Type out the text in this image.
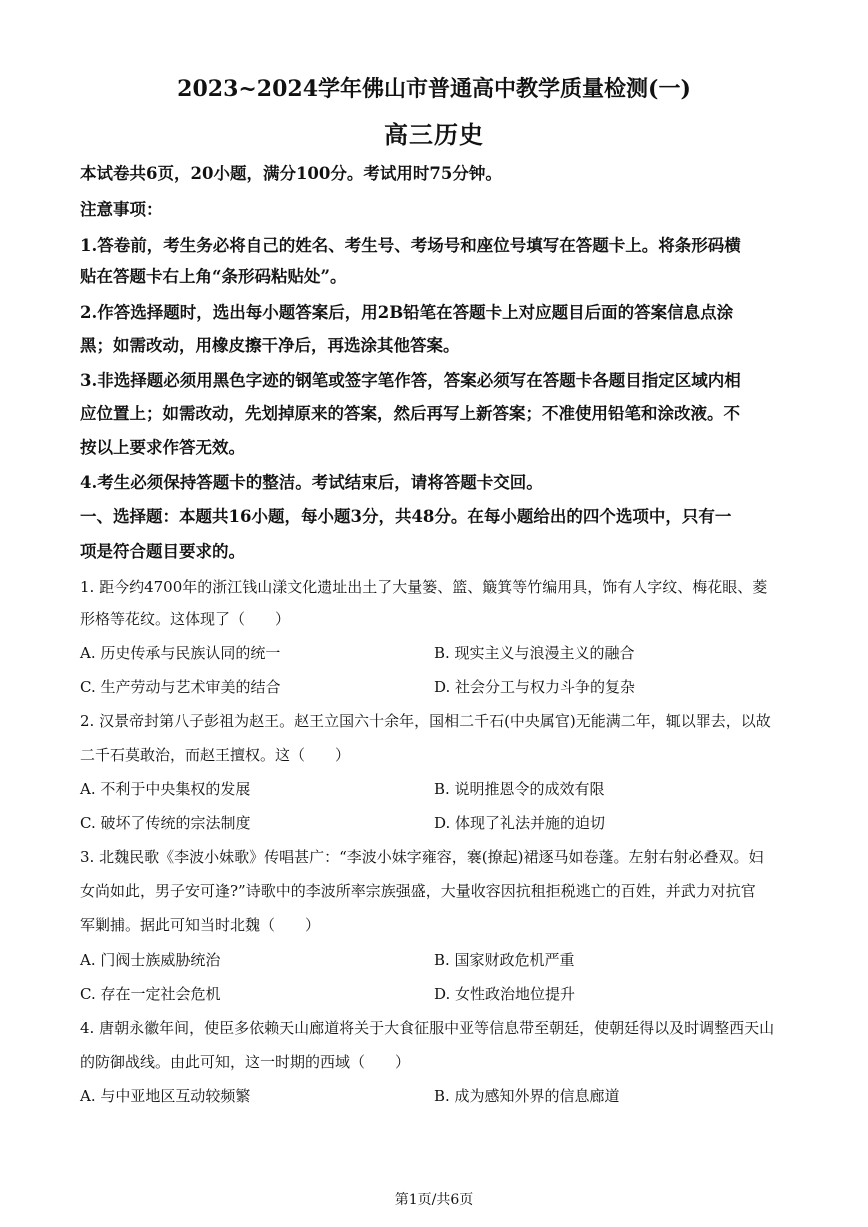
2023~2024学年佛山市普通高中教学质量检测(一)
高三历史
本试卷共6页，20小题，满分100分。考试用时75分钟。
注意事项：
1.答卷前，考生务必将自己的姓名、考生号、考场号和座位号填写在答题卡上。将条形码横
贴在答题卡右上角“条形码粘贴处”。
2.作答选择题时，选出每小题答案后，用2B铅笔在答题卡上对应题目后面的答案信息点涂
黑；如需改动，用橡皮擦干净后，再选涂其他答案。
3.非选择题必须用黑色字迹的钢笔或签字笔作答，答案必须写在答题卡各题目指定区域内相
应位置上；如需改动，先划掉原来的答案，然后再写上新答案；不准使用铅笔和涂改液。不
按以上要求作答无效。
4.考生必须保持答题卡的整洁。考试结束后，请将答题卡交回。
一、选择题：本题共16小题，每小题3分，共48分。在每小题给出的四个选项中，只有一
项是符合题目要求的。
1. 距今约4700年的浙江钱山漾文化遗址出土了大量篓、篮、簸箕等竹编用具，饰有人字纹、梅花眼、菱
形格等花纹。这体现了（　　）
A. 历史传承与民族认同的统一	B. 现实主义与浪漫主义的融合
C. 生产劳动与艺术审美的结合	D. 社会分工与权力斗争的复杂
2. 汉景帝封第八子彭祖为赵王。赵王立国六十余年，国相二千石(中央属官)无能满二年，辄以罪去，以故
二千石莫敢治，而赵王擅权。这（　　）
A. 不利于中央集权的发展	B. 说明推恩令的成效有限
C. 破坏了传统的宗法制度	D. 体现了礼法并施的迫切
3. 北魏民歌《李波小妹歌》传唱甚广：“李波小妹字雍容，褰(撩起)裙逐马如卷蓬。左射右射必叠双。妇
女尚如此，男子安可逢?”诗歌中的李波所率宗族强盛，大量收容因抗租拒税逃亡的百姓，并武力对抗官
军剿捕。据此可知当时北魏（　　）
A. 门阀士族威胁统治	B. 国家财政危机严重
C. 存在一定社会危机	D. 女性政治地位提升
4. 唐朝永徽年间，使臣多依赖天山廊道将关于大食征服中亚等信息带至朝廷，使朝廷得以及时调整西天山
的防御战线。由此可知，这一时期的西域（　　）
A. 与中亚地区互动较频繁	B. 成为感知外界的信息廊道
第1页/共6页
